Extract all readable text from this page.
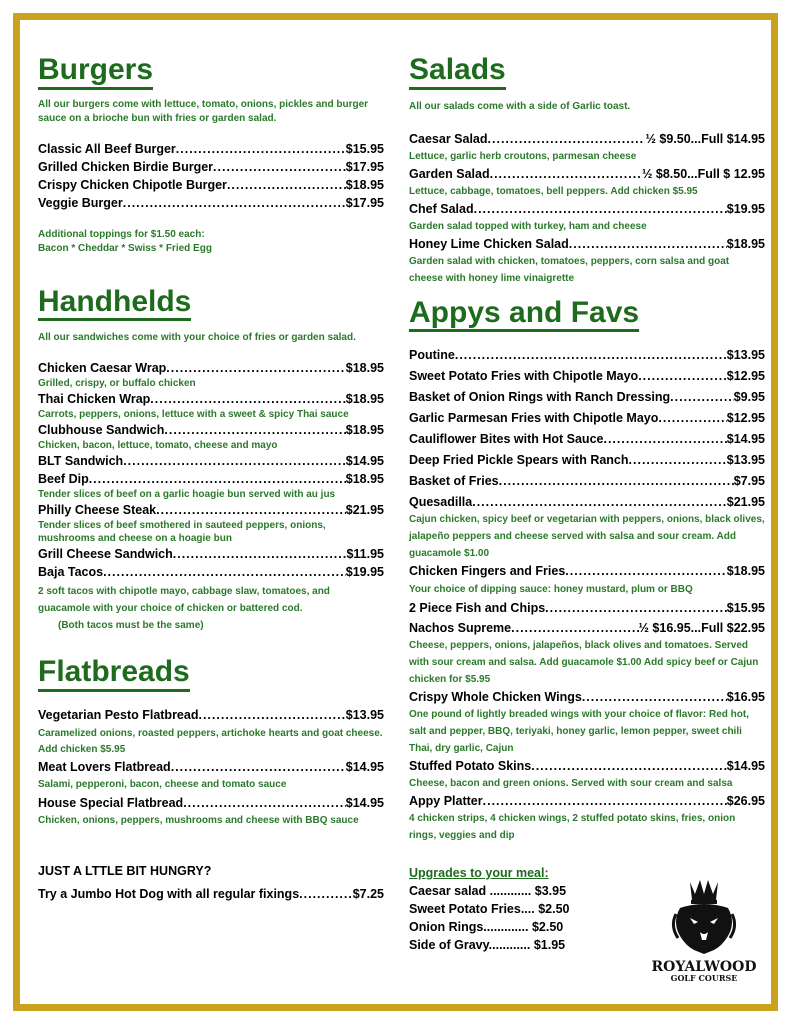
Burgers
All our burgers come with lettuce, tomato, onions, pickles and burger sauce on a brioche bun with fries or garden salad.
Classic All Beef Burger .....	$15.95
Grilled Chicken Birdie Burger .....	$17.95
Crispy Chicken Chipotle Burger .....	$18.95
Veggie Burger .....	$17.95
Additional toppings for $1.50 each:
Bacon * Cheddar * Swiss * Fried Egg
Handhelds
All our sandwiches come with your choice of fries or garden salad.
Chicken Caesar Wrap .....	$18.95
Grilled, crispy, or buffalo chicken
Thai Chicken Wrap .....	$18.95
Carrots, peppers, onions, lettuce with a sweet & spicy Thai sauce
Clubhouse Sandwich .....	$18.95
Chicken, bacon, lettuce, tomato, cheese and mayo
BLT Sandwich .....	$14.95
Beef Dip .....	$18.95
Tender slices of beef on a garlic hoagie bun served with au jus
Philly Cheese Steak .....	$21.95
Tender slices of beef smothered in sauteed peppers, onions, mushrooms and cheese on a hoagie bun
Grill Cheese Sandwich .....	$11.95
Baja Tacos .....	$19.95
2 soft tacos with chipotle mayo, cabbage slaw, tomatoes, and guacamole with your choice of chicken or battered cod.
(Both tacos must be the same)
Flatbreads
Vegetarian Pesto Flatbread .....	$13.95
Caramelized onions, roasted peppers, artichoke hearts and goat cheese. Add chicken $5.95
Meat Lovers Flatbread .....	$14.95
Salami, pepperoni, bacon, cheese and tomato sauce
House Special Flatbread .....	$14.95
Chicken, onions, peppers, mushrooms and cheese with BBQ sauce
JUST A LTTLE BIT HUNGRY?
Try a Jumbo Hot Dog with all regular fixings .....	$7.25
Salads
All our salads come with a side of Garlic toast.
Caesar Salad .....	½ $9.50...Full $14.95
Lettuce, garlic herb croutons, parmesan cheese
Garden Salad .....	½ $8.50...Full $ 12.95
Lettuce, cabbage, tomatoes, bell peppers. Add chicken $5.95
Chef Salad .....	$19.95
Garden salad topped with turkey, ham and cheese
Honey Lime Chicken Salad .....	$18.95
Garden salad with chicken, tomatoes, peppers, corn salsa and goat cheese with honey lime vinaigrette
Appys and Favs
Poutine .....	$13.95
Sweet Potato Fries with Chipotle Mayo .....	$12.95
Basket of Onion Rings with Ranch Dressing .....	$9.95
Garlic Parmesan Fries with Chipotle Mayo .....	$12.95
Cauliflower Bites with Hot Sauce .....	$14.95
Deep Fried Pickle Spears with Ranch .....	$13.95
Basket of Fries .....	$7.95
Quesadilla .....	$21.95
Cajun chicken, spicy beef or vegetarian with peppers, onions, black olives, jalapeño peppers and cheese served with salsa and sour cream. Add guacamole $1.00
Chicken Fingers and Fries .....	$18.95
Your choice of dipping sauce: honey mustard, plum or BBQ
2 Piece Fish and Chips .....	$15.95
Nachos Supreme .....	½ $16.95...Full $22.95
Cheese, peppers, onions, jalapeños, black olives and tomatoes. Served with sour cream and salsa. Add guacamole $1.00 Add spicy beef or Cajun chicken for $5.95
Crispy Whole Chicken Wings .....	$16.95
One pound of lightly breaded wings with your choice of flavor: Red hot, salt and pepper, BBQ, teriyaki, honey garlic, lemon pepper, sweet chili Thai, dry garlic, Cajun
Stuffed Potato Skins .....	$14.95
Cheese, bacon and green onions. Served with sour cream and salsa
Appy Platter .....	$26.95
4 chicken strips, 4 chicken wings, 2 stuffed potato skins, fries, onion rings, veggies and dip
Upgrades to your meal:
Caesar salad ............ $3.95
Sweet Potato Fries.... $2.50
Onion Rings............. $2.50
Side of Gravy............ $1.95
ROYALWOOD
GOLF COURSE
